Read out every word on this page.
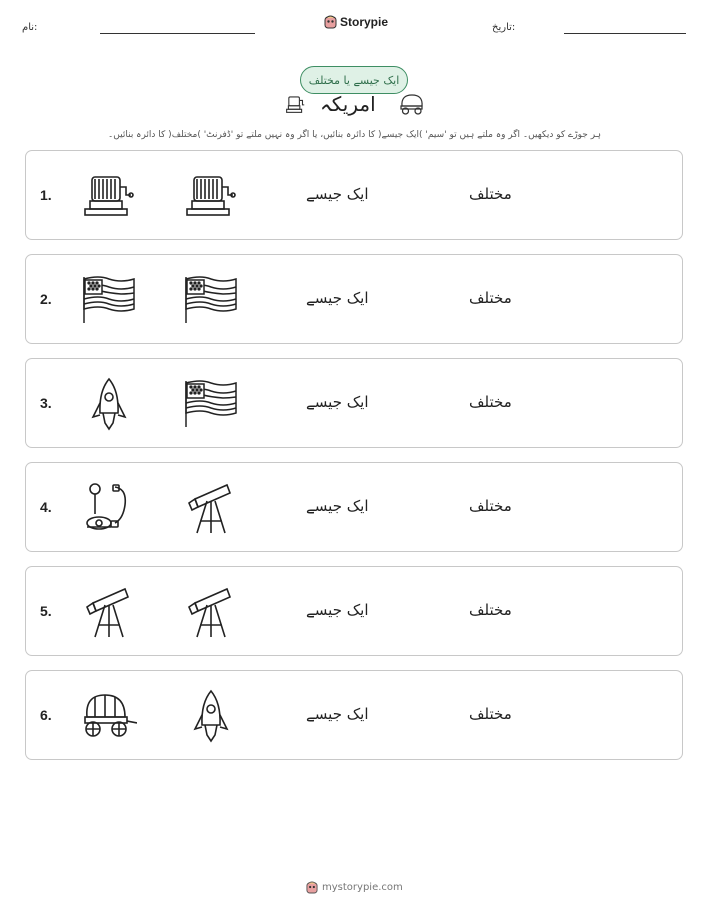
نام:	Storypie	تاریخ:
ایک جیسے یا مختلف
امریکہ
ہر جوڑے کو دیکھیں۔ اگر وہ ملتے ہیں تو 'سیم' )ایک جیسے( کا دائرہ بنائیں، یا اگر وہ نہیں ملتے تو 'ڈفرنٹ' )مختلف( کا دائرہ بنائیں۔
1.	ایک جیسے	مختلف
2.	ایک جیسے	مختلف
3.	ایک جیسے	مختلف
4.	ایک جیسے	مختلف
5.	ایک جیسے	مختلف
6.	ایک جیسے	مختلف
mystorypie.com
